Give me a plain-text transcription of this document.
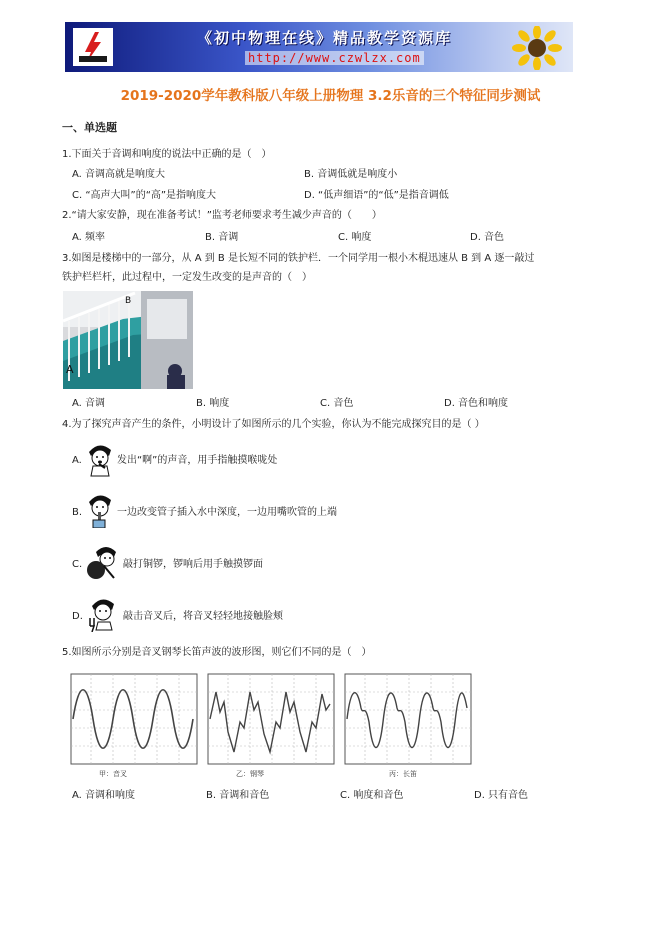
《初中物理在线》精品教学资源库
http://www.czwlzx.com
2019-2020学年教科版八年级上册物理 3.2乐音的三个特征同步测试
一、单选题
1.下面关于音调和响度的说法中正确的是（　）
A. 音调高就是响度大	B. 音调低就是响度小
C. “高声大叫”的“高”是指响度大	D. “低声细语”的“低”是指音调低
2.“请大家安静，现在准备考试！”监考老师要求考生减少声音的（　　）
A. 频率	B. 音调	C. 响度	D. 音色
3.如图是楼梯中的一部分，从 A 到 B 是长短不同的铁护栏．一个同学用一根小木棍迅速从 B 到 A 逐一敲过
铁护栏栏杆，此过程中，一定发生改变的是声音的（　）
A
B
A. 音调	B. 响度	C. 音色	D. 音色和响度
4.为了探究声音产生的条件，小明设计了如图所示的几个实验，你认为不能完成探究目的是（ ）
A.	发出“啊”的声音，用手指触摸喉咙处
B.	一边改变管子插入水中深度，一边用嘴吹管的上端
C.	敲打铜锣，锣响后用手触摸锣面
D.	敲击音叉后，将音叉轻轻地接触脸颊
5.如图所示分别是音叉钢琴长笛声波的波形图，则它们不同的是（　）
甲：音叉	乙：钢琴	丙：长笛
A. 音调和响度	B. 音调和音色	C. 响度和音色	D. 只有音色
